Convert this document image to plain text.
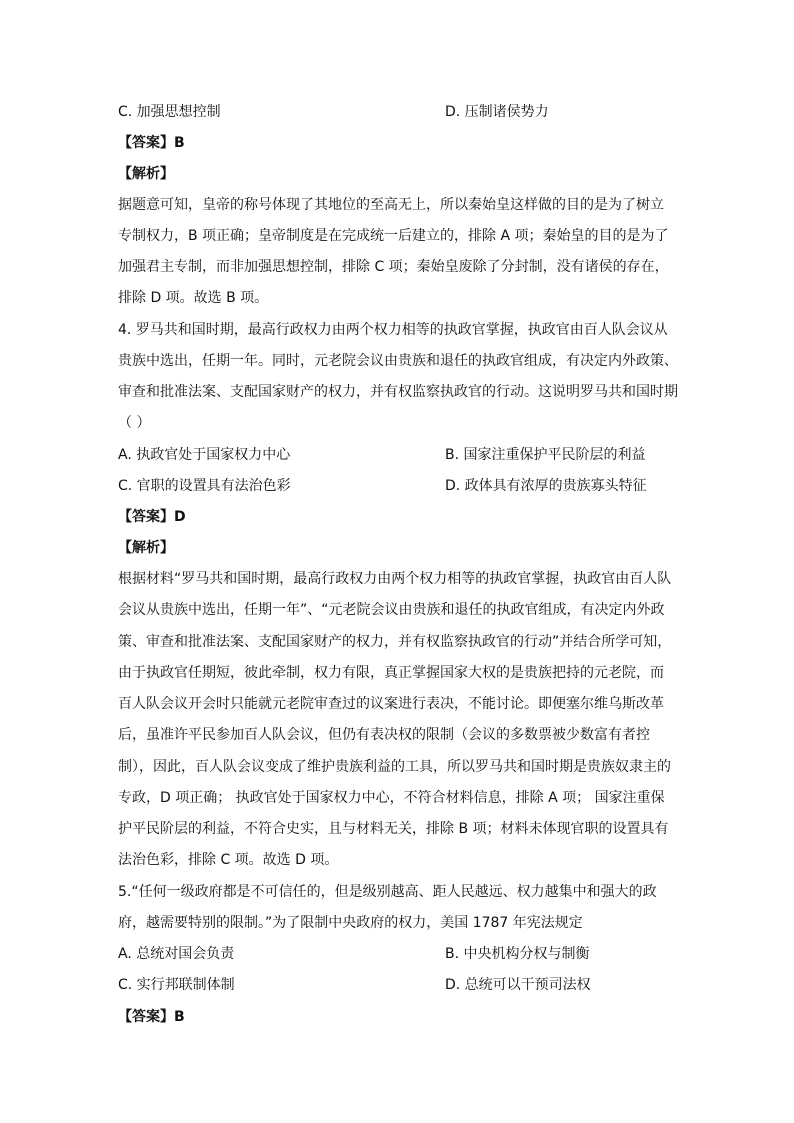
C. 加强思想控制	D. 压制诸侯势力
【答案】B
【解析】
据题意可知，皇帝的称号体现了其地位的至高无上，所以秦始皇这样做的目的是为了树立
专制权力，B 项正确；皇帝制度是在完成统一后建立的，排除 A 项；秦始皇的目的是为了
加强君主专制，而非加强思想控制，排除 C 项；秦始皇废除了分封制，没有诸侯的存在，
排除 D 项。故选 B 项。
4. 罗马共和国时期，最高行政权力由两个权力相等的执政官掌握，执政官由百人队会议从
贵族中选出，任期一年。同时，元老院会议由贵族和退任的执政官组成，有决定内外政策、
审查和批准法案、支配国家财产的权力，并有权监察执政官的行动。这说明罗马共和国时期
（ ）
A. 执政官处于国家权力中心	B. 国家注重保护平民阶层的利益
C. 官职的设置具有法治色彩	D. 政体具有浓厚的贵族寡头特征
【答案】D
【解析】
根据材料“罗马共和国时期，最高行政权力由两个权力相等的执政官掌握，执政官由百人队
会议从贵族中选出，任期一年”、“元老院会议由贵族和退任的执政官组成，有决定内外政
策、审查和批准法案、支配国家财产的权力，并有权监察执政官的行动”并结合所学可知，
由于执政官任期短，彼此牵制，权力有限，真正掌握国家大权的是贵族把持的元老院，而
百人队会议开会时只能就元老院审查过的议案进行表决，不能讨论。即便塞尔维乌斯改革
后，虽准许平民参加百人队会议，但仍有表决权的限制（会议的多数票被少数富有者控
制），因此，百人队会议变成了维护贵族利益的工具，所以罗马共和国时期是贵族奴隶主的
专政，D 项正确； 执政官处于国家权力中心，不符合材料信息，排除 A 项； 国家注重保
护平民阶层的利益，不符合史实，且与材料无关，排除 B 项；材料未体现官职的设置具有
法治色彩，排除 C 项。故选 D 项。
5.“任何一级政府都是不可信任的，但是级别越高、距人民越远、权力越集中和强大的政
府，越需要特别的限制。”为了限制中央政府的权力，美国 1787 年宪法规定
A. 总统对国会负责	B. 中央机构分权与制衡
C. 实行邦联制体制	D. 总统可以干预司法权
【答案】B
